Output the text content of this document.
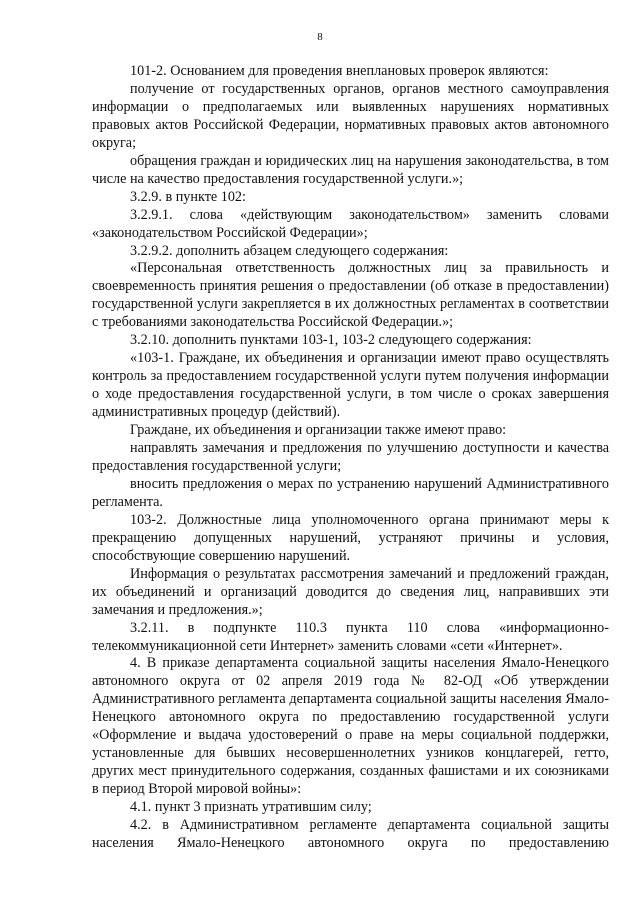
8

101-2. Основанием для проведения внеплановых проверок являются:

получение от государственных органов, органов местного самоуправления информации о предполагаемых или выявленных нарушениях нормативных правовых актов Российской Федерации, нормативных правовых актов автономного округа;

обращения граждан и юридических лиц на нарушения законодательства, в том числе на качество предоставления государственной услуги.»;

3.2.9. в пункте 102:

3.2.9.1. слова «действующим законодательством» заменить словами «законодательством Российской Федерации»;

3.2.9.2. дополнить абзацем следующего содержания:

«Персональная ответственность должностных лиц за правильность и своевременность принятия решения о предоставлении (об отказе в предоставлении) государственной услуги закрепляется в их должностных регламентах в соответствии с требованиями законодательства Российской Федерации.»;

3.2.10. дополнить пунктами 103-1, 103-2 следующего содержания:

«103-1. Граждане, их объединения и организации имеют право осуществлять контроль за предоставлением государственной услуги путем получения информации о ходе предоставления государственной услуги, в том числе о сроках завершения административных процедур (действий).

Граждане, их объединения и организации также имеют право:

направлять замечания и предложения по улучшению доступности и качества предоставления государственной услуги;

вносить предложения о мерах по устранению нарушений Административного регламента.

103-2. Должностные лица уполномоченного органа принимают меры к прекращению допущенных нарушений, устраняют причины и условия, способствующие совершению нарушений.

Информация о результатах рассмотрения замечаний и предложений граждан, их объединений и организаций доводится до сведения лиц, направивших эти замечания и предложения.»;

3.2.11. в подпункте 110.3 пункта 110 слова «информационно-телекоммуникационной сети Интернет» заменить словами «сети «Интернет».

4. В приказе департамента социальной защиты населения Ямало-Ненецкого автономного округа от 02 апреля 2019 года № 82-ОД «Об утверждении Административного регламента департамента социальной защиты населения Ямало-Ненецкого автономного округа по предоставлению государственной услуги «Оформление и выдача удостоверений о праве на меры социальной поддержки, установленные для бывших несовершеннолетних узников концлагерей, гетто, других мест принудительного содержания, созданных фашистами и их союзниками в период Второй мировой войны»:

4.1. пункт 3 признать утратившим силу;

4.2. в Административном регламенте департамента социальной защиты населения Ямало-Ненецкого автономного округа по предоставлению
